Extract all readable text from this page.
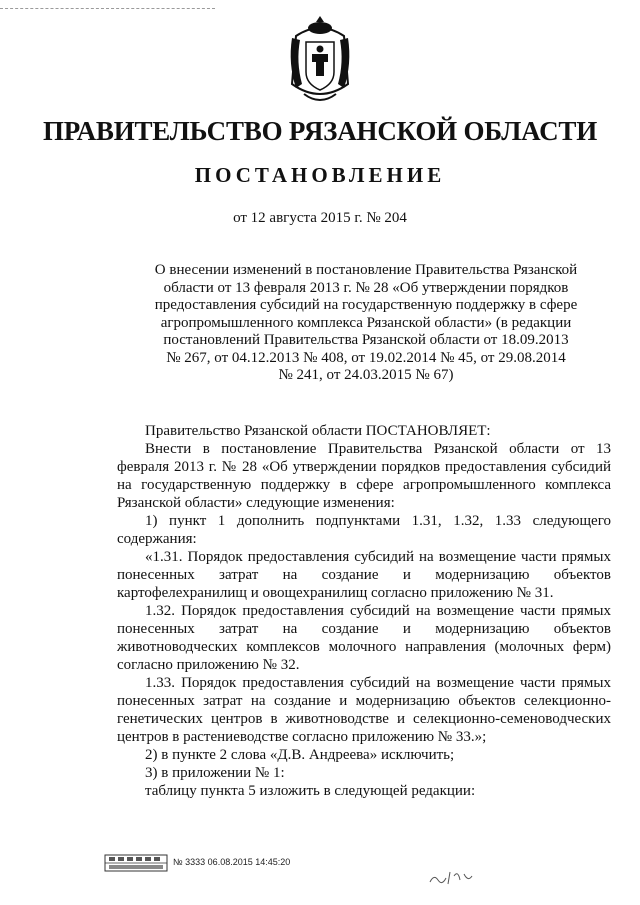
ПРАВИТЕЛЬСТВО РЯЗАНСКОЙ ОБЛАСТИ
ПОСТАНОВЛЕНИЕ
от 12 августа 2015 г. № 204
О внесении изменений в постановление Правительства Рязанской
области от 13 февраля 2013 г. № 28 «Об утверждении порядков
предоставления субсидий на государственную поддержку в сфере
агропромышленного комплекса Рязанской области» (в редакции
постановлений Правительства Рязанской области от 18.09.2013
№ 267, от 04.12.2013 № 408, от 19.02.2014 № 45, от 29.08.2014
№ 241, от 24.03.2015 № 67)

Правительство Рязанской области ПОСТАНОВЛЯЕТ:

Внести в постановление Правительства Рязанской области от 13 февраля 2013 г. № 28 «Об утверждении порядков предоставления субсидий на государственную поддержку в сфере агропромышленного комплекса Рязанской области» следующие изменения:

1) пункт 1 дополнить подпунктами 1.31, 1.32, 1.33 следующего содержания:

«1.31. Порядок предоставления субсидий на возмещение части прямых понесенных затрат на создание и модернизацию объектов картофелехранилищ и овощехранилищ согласно приложению № 31.

1.32. Порядок предоставления субсидий на возмещение части прямых понесенных затрат на создание и модернизацию объектов животноводческих комплексов молочного направления (молочных ферм) согласно приложению № 32.

1.33. Порядок предоставления субсидий на возмещение части прямых понесенных затрат на создание и модернизацию объектов селекционно-генетических центров в животноводстве и селекционно-семеноводческих центров в растениеводстве согласно приложению № 33.»;

2) в пункте 2 слова «Д.В. Андреева» исключить;

3) в приложении № 1:

таблицу пункта 5 изложить в следующей редакции:

№ 3333 06.08.2015 14:45:20
